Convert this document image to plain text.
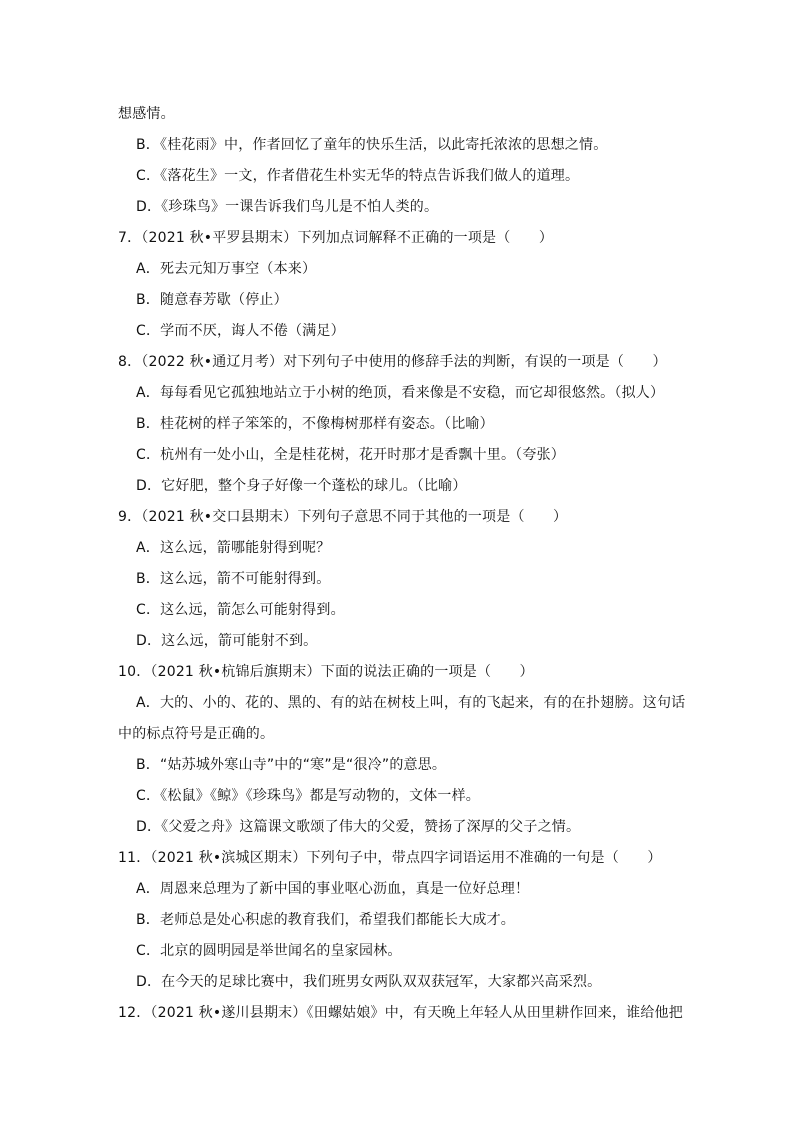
想感情。
B．《桂花雨》中，作者回忆了童年的快乐生活，以此寄托浓浓的思想之情。
C．《落花生》一文，作者借花生朴实无华的特点告诉我们做人的道理。
D．《珍珠鸟》一课告诉我们鸟儿是不怕人类的。
7．（2021 秋•平罗县期末）下列加点词解释不正确的一项是（　　）
A．死去元知万事空（本来）
B．随意春芳歇（停止）
C．学而不厌，诲人不倦（满足）
8．（2022 秋•通辽月考）对下列句子中使用的修辞手法的判断，有误的一项是（　　）
A．每每看见它孤独地站立于小树的绝顶，看来像是不安稳，而它却很悠然。（拟人）
B．桂花树的样子笨笨的，不像梅树那样有姿态。（比喻）
C．杭州有一处小山，全是桂花树，花开时那才是香飘十里。（夸张）
D．它好肥，整个身子好像一个蓬松的球儿。（比喻）
9．（2021 秋•交口县期末）下列句子意思不同于其他的一项是（　　）
A．这么远，箭哪能射得到呢？
B．这么远，箭不可能射得到。
C．这么远，箭怎么可能射得到。
D．这么远，箭可能射不到。
10．（2021 秋•杭锦后旗期末）下面的说法正确的一项是（　　）
A．大的、小的、花的、黑的、有的站在树枝上叫，有的飞起来，有的在扑翅膀。这句话
中的标点符号是正确的。
B．“姑苏城外寒山寺”中的“寒”是“很冷”的意思。
C．《松鼠》《鲸》《珍珠鸟》都是写动物的，文体一样。
D．《父爱之舟》这篇课文歌颂了伟大的父爱，赞扬了深厚的父子之情。
11．（2021 秋•滨城区期末）下列句子中，带点四字词语运用不准确的一句是（　　）
A．周恩来总理为了新中国的事业呕心沥血，真是一位好总理！
B．老师总是处心积虑的教育我们，希望我们都能长大成才。
C．北京的圆明园是举世闻名的皇家园林。
D．在今天的足球比赛中，我们班男女两队双双获冠军，大家都兴高采烈。
12．（2021 秋•遂川县期末）《田螺姑娘》中，有天晚上年轻人从田里耕作回来，谁给他把
